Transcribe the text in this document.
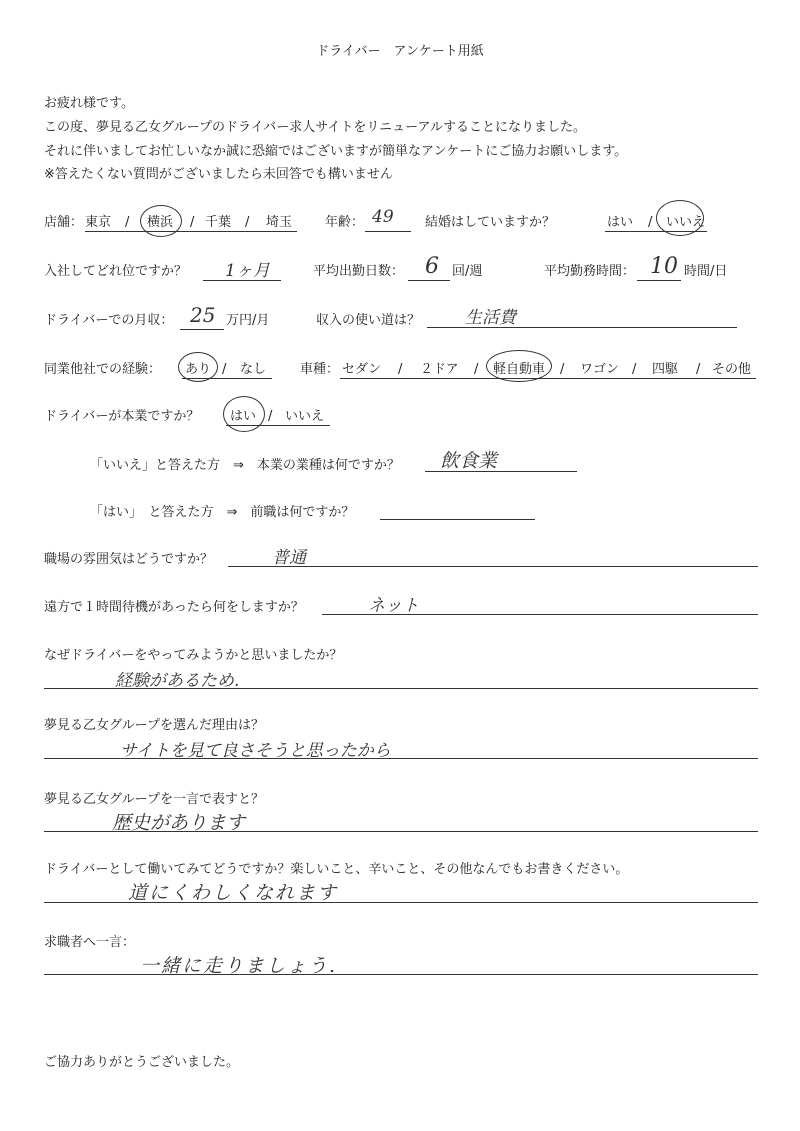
ドライバー　アンケート用紙
お疲れ様です。
この度、夢見る乙女グループのドライバー求人サイトをリニューアルすることになりました。
それに伴いましてお忙しいなか誠に恐縮ではございますが簡単なアンケートにご協力お願いします。
※答えたくない質問がございましたら未回答でも構いません
店舗： 東京 / 横浜 / 千葉 / 埼玉	年齢： 49 結婚はしていますか？	はい / いいえ
入社してどれ位ですか？ 1ヶ月	平均出勤日数： 6 回/週	平均勤務時間： 10 時間/日
ドライバーでの月収： 25 万円/月	収入の使い道は？	生活費
同業他社での経験： あり / なし	車種： セダン / ２ドア / 軽自動車 / ワゴン / 四駆 / その他
ドライバーが本業ですか？ はい / いいえ
「いいえ」と答えた方　⇒　本業の業種は何ですか？ 飲食業
「はい」　と答えた方　⇒　前職は何ですか？
職場の雰囲気はどうですか？	普通
遠方で１時間待機があったら何をしますか？	ネット
なぜドライバーをやってみようかと思いましたか？
経験があるため.
夢見る乙女グループを選んだ理由は？
サイトを見て良さそうと思ったから
夢見る乙女グループを一言で表すと？
歴史があります
ドライバーとして働いてみてどうですか？楽しいこと、辛いこと、その他なんでもお書きください。
道にくわしくなれます
求職者へ一言：
一緒に走りましょう.
ご協力ありがとうございました。
